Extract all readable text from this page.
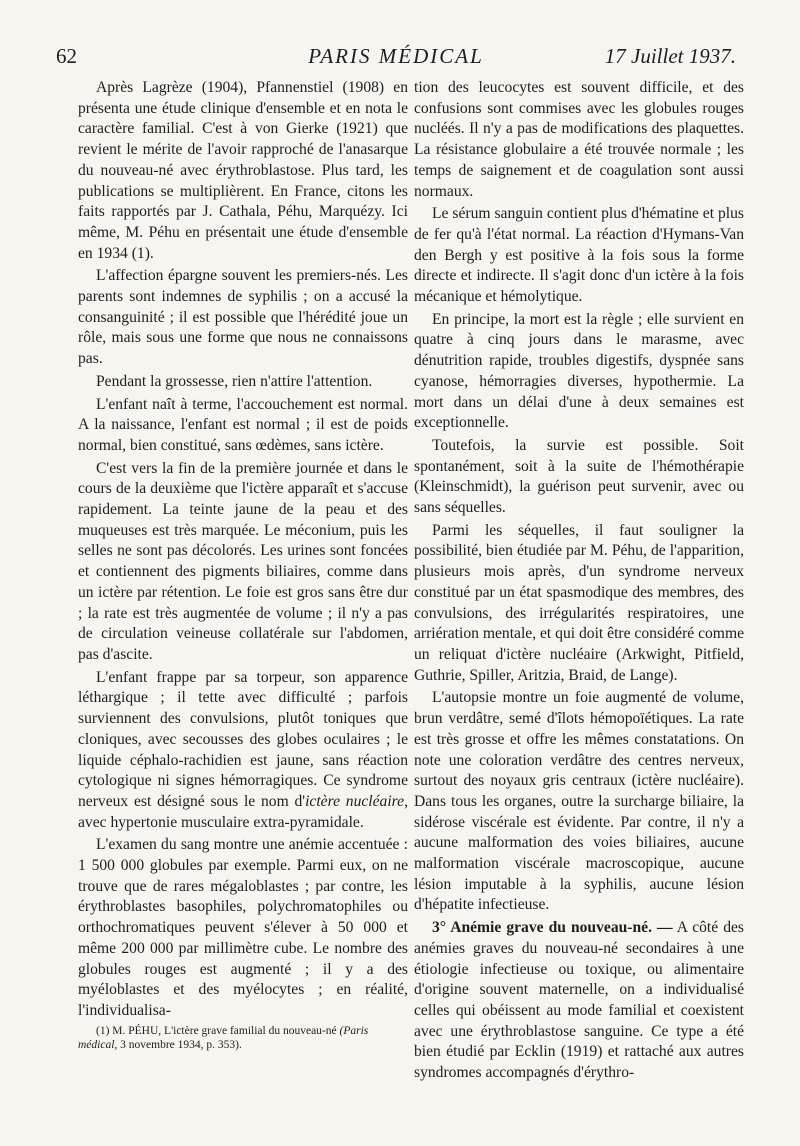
62	PARIS MÉDICAL	17 Juillet 1937.

Après Lagrèze (1904), Pfannenstiel (1908) en présenta une étude clinique d'ensemble et en nota le caractère familial. C'est à von Gierke (1921) que revient le mérite de l'avoir rapproché de l'anasarque du nouveau-né avec érythroblastose. Plus tard, les publications se multiplièrent. En France, citons les faits rapportés par J. Cathala, Péhu, Marquézy. Ici même, M. Péhu en présentait une étude d'ensemble en 1934 (1).

L'affection épargne souvent les premiers-nés. Les parents sont indemnes de syphilis ; on a accusé la consanguinité ; il est possible que l'hérédité joue un rôle, mais sous une forme que nous ne connaissons pas.

Pendant la grossesse, rien n'attire l'attention.

L'enfant naît à terme, l'accouchement est normal. A la naissance, l'enfant est normal ; il est de poids normal, bien constitué, sans œdèmes, sans ictère.

C'est vers la fin de la première journée et dans le cours de la deuxième que l'ictère apparaît et s'accuse rapidement. La teinte jaune de la peau et des muqueuses est très marquée. Le méconium, puis les selles ne sont pas décolorés. Les urines sont foncées et contiennent des pigments biliaires, comme dans un ictère par rétention. Le foie est gros sans être dur ; la rate est très augmentée de volume ; il n'y a pas de circulation veineuse collatérale sur l'abdomen, pas d'ascite.

L'enfant frappe par sa torpeur, son apparence léthargique ; il tette avec difficulté ; parfois surviennent des convulsions, plutôt toniques que cloniques, avec secousses des globes oculaires ; le liquide céphalo-rachidien est jaune, sans réaction cytologique ni signes hémorragiques. Ce syndrome nerveux est désigné sous le nom d'ictère nucléaire, avec hypertonie musculaire extra-pyramidale.

L'examen du sang montre une anémie accentuée : 1 500 000 globules par exemple. Parmi eux, on ne trouve que de rares mégaloblastes ; par contre, les érythroblastes basophiles, polychromatophiles ou orthochromatiques peuvent s'élever à 50 000 et même 200 000 par millimètre cube. Le nombre des globules rouges est augmenté ; il y a des myéloblastes et des myélocytes ; en réalité, l'individualisa-

(1) M. PÉHU, L'ictère grave familial du nouveau-né (Paris médical, 3 novembre 1934, p. 353).

tion des leucocytes est souvent difficile, et des confusions sont commises avec les globules rouges nucléés. Il n'y a pas de modifications des plaquettes. La résistance globulaire a été trouvée normale ; les temps de saignement et de coagulation sont aussi normaux.

Le sérum sanguin contient plus d'hématine et plus de fer qu'à l'état normal. La réaction d'Hymans-Van den Bergh y est positive à la fois sous la forme directe et indirecte. Il s'agit donc d'un ictère à la fois mécanique et hémolytique.

En principe, la mort est la règle ; elle survient en quatre à cinq jours dans le marasme, avec dénutrition rapide, troubles digestifs, dyspnée sans cyanose, hémorragies diverses, hypothermie. La mort dans un délai d'une à deux semaines est exceptionnelle.

Toutefois, la survie est possible. Soit spontanément, soit à la suite de l'hémothérapie (Kleinschmidt), la guérison peut survenir, avec ou sans séquelles.

Parmi les séquelles, il faut souligner la possibilité, bien étudiée par M. Péhu, de l'apparition, plusieurs mois après, d'un syndrome nerveux constitué par un état spasmodique des membres, des convulsions, des irrégularités respiratoires, une arriération mentale, et qui doit être considéré comme un reliquat d'ictère nucléaire (Arkwight, Pitfield, Guthrie, Spiller, Aritzia, Braid, de Lange).

L'autopsie montre un foie augmenté de volume, brun verdâtre, semé d'îlots hémopoïétiques. La rate est très grosse et offre les mêmes constatations. On note une coloration verdâtre des centres nerveux, surtout des noyaux gris centraux (ictère nucléaire). Dans tous les organes, outre la surcharge biliaire, la sidérose viscérale est évidente. Par contre, il n'y a aucune malformation des voies biliaires, aucune malformation viscérale macroscopique, aucune lésion imputable à la syphilis, aucune lésion d'hépatite infectieuse.

3° Anémie grave du nouveau-né. — A côté des anémies graves du nouveau-né secondaires à une étiologie infectieuse ou toxique, ou alimentaire d'origine souvent maternelle, on a individualisé celles qui obéissent au mode familial et coexistent avec une érythroblastose sanguine. Ce type a été bien étudié par Ecklin (1919) et rattaché aux autres syndromes accompagnés d'érythro-
